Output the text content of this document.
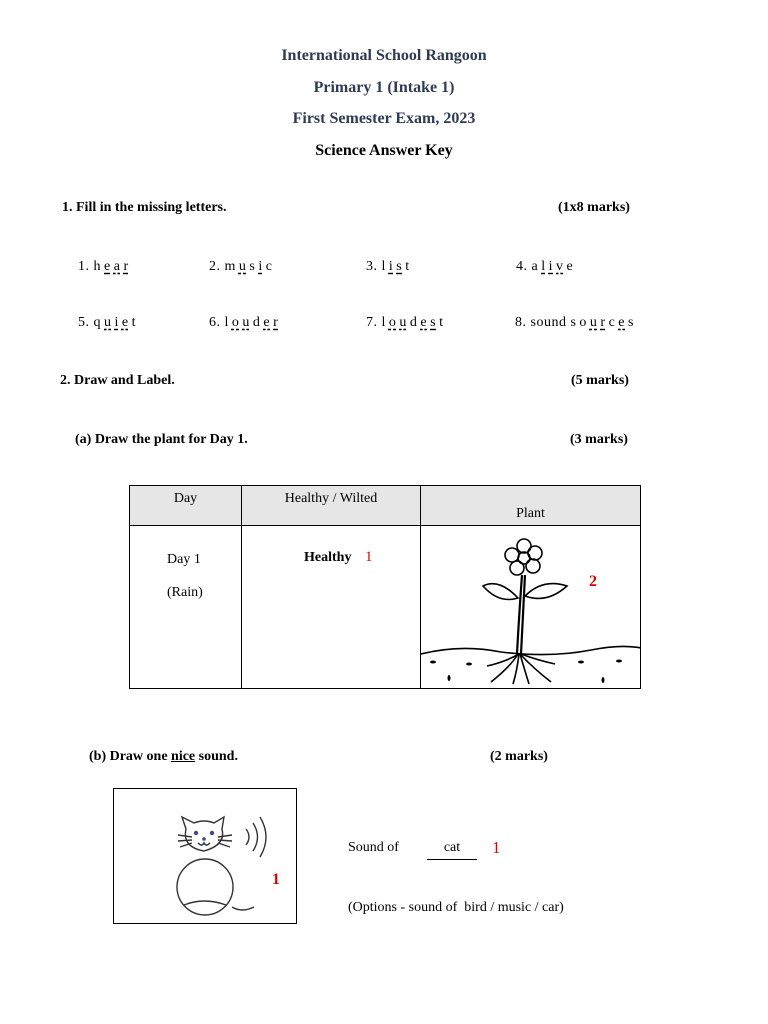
International School Rangoon
Primary 1 (Intake 1)
First Semester Exam, 2023
Science Answer Key
1. Fill in the missing letters.	(1x8 marks)
1. h e a r	2. m u s i c	3. l i s t	4. a l i v e
5. q u i e t	6. l o u d e r	7. l o u d e s t	8. sound s o u r c e s
2. Draw and Label.	(5 marks)
(a) Draw the plant for Day 1.	(3 marks)
Day	Healthy / Wilted	Plant

Day 1
(Rain)	Healthy 1	2
(b) Draw one nice sound.	(2 marks)
1
Sound of	cat	1
(Options - sound of  bird / music / car)
